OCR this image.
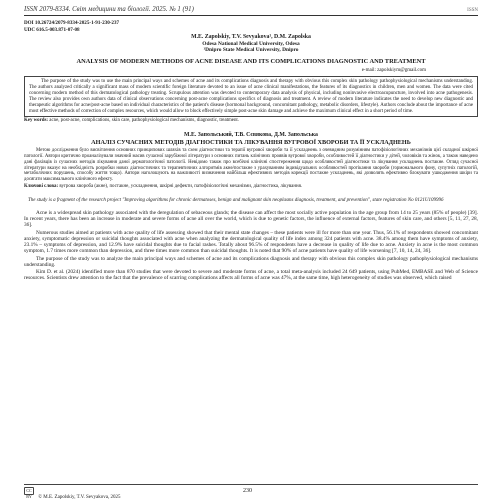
ISSN 2079-8334. Світ медицини та біології. 2025. № 1 (91)	ISSN
DOI 10.26724/2079-8334-2025-1-91-230-237
UDC 616.5-003.871-07-08
M.E. Zapolskiy, T.V. Sevyakova¹, D.M. Zapolska
Odesa National Medical University, Odesa
¹Dnipro State Medical University, Dnipro
ANALYSIS OF MODERN METHODS OF ACNE DISEASE AND ITS COMPLICATIONS DIAGNOSTIC AND TREATMENT
e-mail: zapolskiym@gmail.com

The purpose of the study was to use the main principal ways and schemes of acne and its complications diagnosis and therapy with obvious this complex skin pathology pathophysiological mechanisms understanding. The authors analyzed critically a significant mass of modern scientific foreign literature devoted to an issue of acne clinical manifestations, the features of its diagnostics in children, men and women. The data were cited concerning modern method of this dermatological pathology treating. Scrupulous attention was devoted to contemporary data analysis of physical, including noninvasive electroacupuncture, involved into acne pathogenesis. The review also provides own authors data of clinical observations concerning post-acne complications specifics of diagnosis and treatment. A review of modern literature indicates the need to develop new diagnostic and therapeutic algorithms for acne/post-acne based on individual characteristics of the patient's disease (hormonal background, concomitant pathology, metabolic disorders, lifestyle). Authors conclude about the importance of acne most effective methods of correction of complex resources, which would allow to block effectively simple post-acne skin damage and achieve the maximum clinical effect in a short period of time.

Key words: acne, post-acne, complications, skin care, pathophysiological mechanisms, diagnostic, treatment.
М.Е. Запольський, Т.В. Сєвякова, Д.М. Запольська
АНАЛІЗ СУЧАСНИХ МЕТОДІВ ДІАГНОСТИКИ ТА ЛІКУВАННЯ ВУГРОВОЇ ХВОРОБИ ТА ЇЇ УСКЛАДНЕНЬ

Метою дослідження було висвітлення основних принципових шляхів та схем діагностики та терапії вугрової хвороби та її ускладнень з очевидним розумінням патофізіологічних механізмів цієї складної шкірної патології. Автори критично проаналізували значний масив сучасної зарубіжної літератури з основних питань клінічних проявів вугрової хвороби, особливостей її діагностики у дітей, чоловіків та жінок, а також наведено дані фахівців із сучасних методів лікування даної дерматологічної патології. Невідомо також про всебічні клінічні спостереження щодо особливостей діагностики та лікування ускладнень постакне. Огляд сучасної літератури вказує на необхідність розробки нових діагностичних та терапевтичних алгоритмів акне/постакне з урахуванням індивідуальних особливостей протікання хвороби (гормонального фону, супутніх патологій, метаболічних порушень, способу життя тощо). Автори наголошують на важливості визначення найбільш ефективних методів корекції постакне ускладнень, які дозволять ефективно блокувати ушкодження шкіри та досягати максимального клінічного ефекту.

Ключові слова: вугрова хвороба (акне), постакне, ускладнення, шкірні дефекти, патофізіологічні механізми, діагностика, лікування.
The study is a fragment of the research project "Improving algorithms for chronic dermatoses, benign and malignant skin neoplasms diagnosis, treatment, and prevention", state registration No 0121U109996

Acne is a widespread skin pathology associated with the deregulation of sebaceous glands; the disease can affect the most socially active population in the age group from 14 to 25 years (85% of people) [39]. In recent years, there has been an increase in moderate and severe forms of acne all over the world, which is due to genetic factors, the influence of external factors, features of skin care, and others [5, 11, 27, 28, 36].

Numerous studies aimed at patients with acne quality of life assessing showed that their mental state changes – these patients were ill for more than one year. Thus, 56.1% of respondents showed concomitant anxiety, symptomatic depression or suicidal thoughts associated with acne when analyzing the dermatological quality of life index among 324 patients with acne. 38.4% among them have symptoms of anxiety, 23.1% – symptoms of depression, and 12.9% have suicidal thoughts due to facial rashes. Totally about 96.5% of respondents have a decrease in quality of life due to acne. Anxiety in acne is the most common symptom, 1.7 times more common than depression, and three times more common than suicidal thoughts. It is noted that 90% of acne patients have quality of life worsening [7, 10, 14, 24, 36].

The purpose of the study was to analyze the main principal ways and schemes of acne and its complications diagnosis and therapy with obvious this complex skin pathology pathophysiological mechanisms understanding.

Kim D. et al. (2024) identified more than 870 studies that were devoted to severe and moderate forms of acne, a total meta-analysis included 24 649 patients, using PubMed, EMBASE and Web of Science resources. Scientists drew attention to the fact that the prevalence of scarring complications affects all forms of acne was 47%, at the same time, high heterogeneity of studies was observed, which raised

CC BY © M.E. Zapolskiy, T.V. Sevyakova, 2025
230
